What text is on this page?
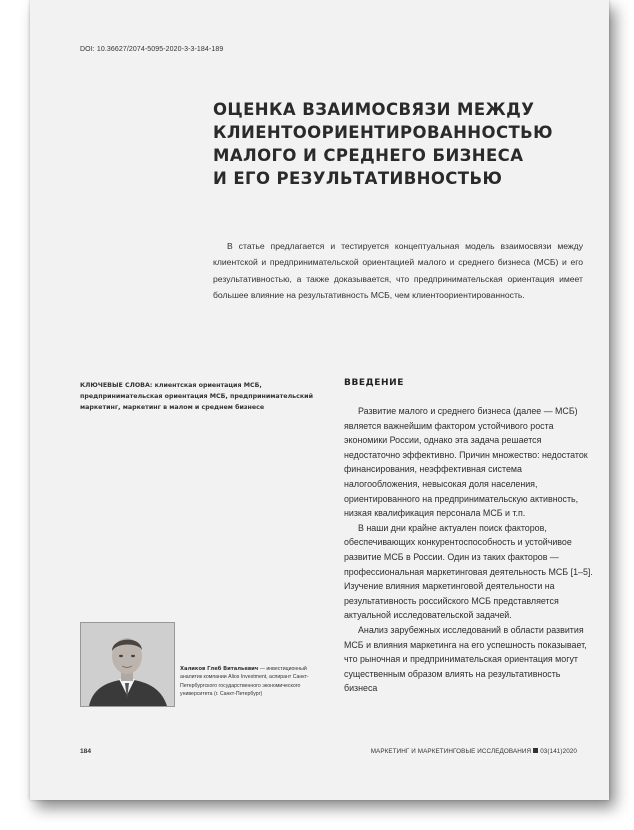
DOI: 10.36627/2074-5095-2020-3-3-184-189
ОЦЕНКА ВЗАИМОСВЯЗИ МЕЖДУ
КЛИЕНТООРИЕНТИРОВАННОСТЬЮ
МАЛОГО И СРЕДНЕГО БИЗНЕСА
И ЕГО РЕЗУЛЬТАТИВНОСТЬЮ

В статье предлагается и тестируется концептуальная модель взаимосвязи между клиентской и предпринимательской ориентацией малого и среднего бизнеса (МСБ) и его результативностью, а также доказывается, что предпринимательская ориентация имеет большее влияние на результативность МСБ, чем клиентоориентированность.

КЛЮЧЕВЫЕ СЛОВА: клиентская ориентация МСБ, предпринимательская ориентация МСБ, предпринимательский маркетинг, маркетинг в малом и среднем бизнесе

ВВЕДЕНИЕ

Развитие малого и среднего бизнеса (далее — МСБ) является важнейшим фактором устойчивого роста экономики России, однако эта задача решается недостаточно эффективно. Причин множество: недостаток финансирования, неэффективная система налогообложения, невысокая доля населения, ориентированного на предпринимательскую активность, низкая квалификация персонала МСБ и т.п.

В наши дни крайне актуален поиск факторов, обеспечивающих конкурентоспособность и устойчивое развитие МСБ в России. Один из таких факторов — профессиональная маркетинговая деятельность МСБ [1–5]. Изучение влияния маркетинговой деятельности на результативность российского МСБ представляется актуальной исследовательской задачей.

Анализ зарубежных исследований в области развития МСБ и влияния маркетинга на его успешность показывает, что рыночная и предпринимательская ориентация могут существенным образом влиять на результативность бизнеса

Халиков Глеб Витальевич — инвестиционный аналитик компании Alios Investment, аспирант Санкт-Петербургского государственного экономического университета (г. Санкт-Петербург)

184	МАРКЕТИНГ И МАРКЕТИНГОВЫЕ ИССЛЕДОВАНИЯ 03(141)2020
